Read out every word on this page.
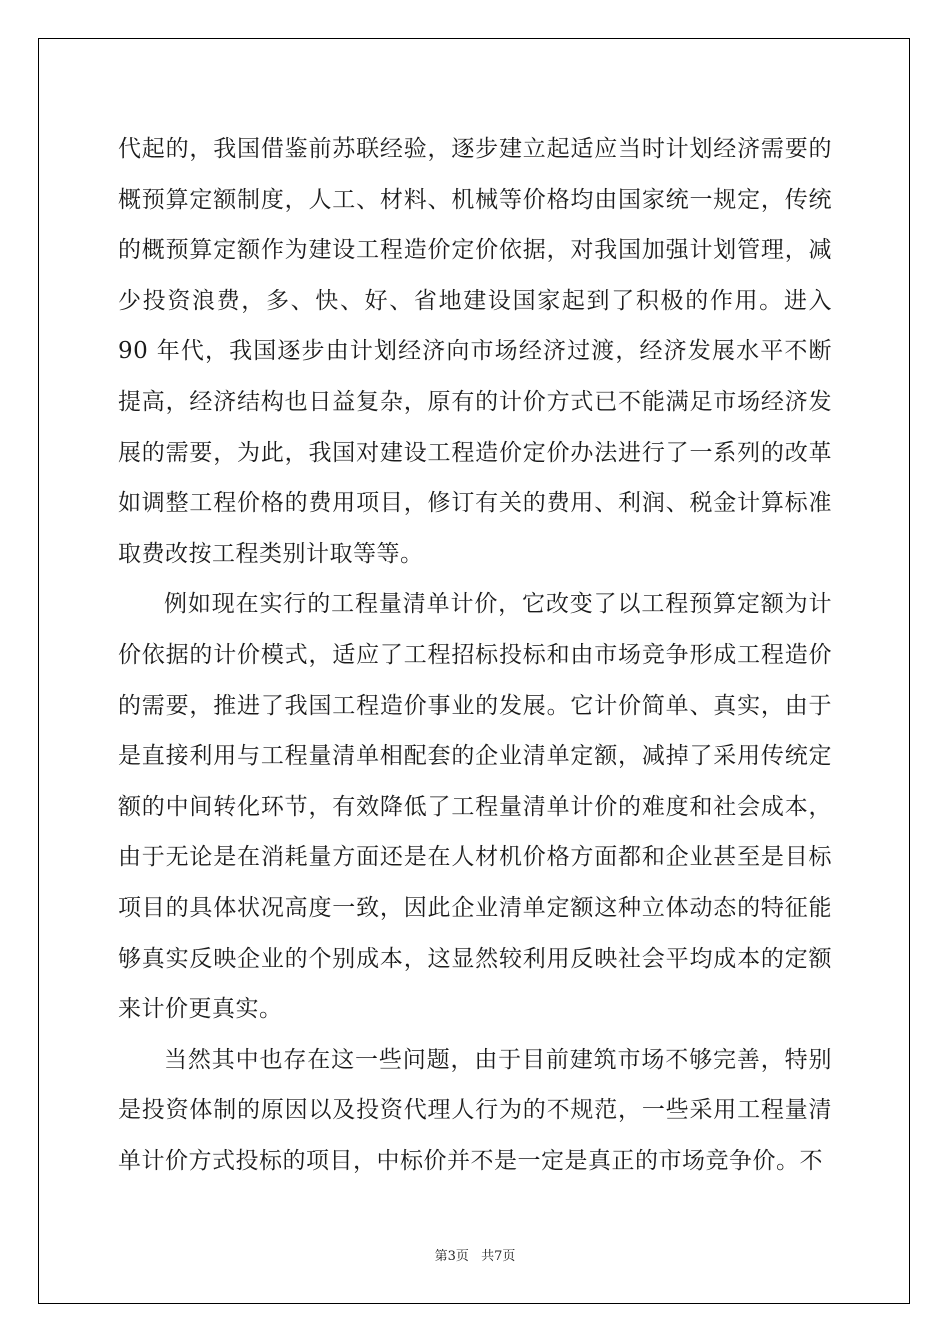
代起的，我国借鉴前苏联经验，逐步建立起适应当时计划经济需要的
概预算定额制度，人工、材料、机械等价格均由国家统一规定，传统
的概预算定额作为建设工程造价定价依据，对我国加强计划管理，减
少投资浪费，多、快、好、省地建设国家起到了积极的作用。进入
90 年代，我国逐步由计划经济向市场经济过渡，经济发展水平不断
提高，经济结构也日益复杂，原有的计价方式已不能满足市场经济发
展的需要，为此，我国对建设工程造价定价办法进行了一系列的改革
如调整工程价格的费用项目，修订有关的费用、利润、税金计算标准
取费改按工程类别计取等等。
例如现在实行的工程量清单计价，它改变了以工程预算定额为计
价依据的计价模式，适应了工程招标投标和由市场竞争形成工程造价
的需要，推进了我国工程造价事业的发展。它计价简单、真实，由于
是直接利用与工程量清单相配套的企业清单定额，减掉了采用传统定
额的中间转化环节，有效降低了工程量清单计价的难度和社会成本，
由于无论是在消耗量方面还是在人材机价格方面都和企业甚至是目标
项目的具体状况高度一致，因此企业清单定额这种立体动态的特征能
够真实反映企业的个别成本，这显然较利用反映社会平均成本的定额
来计价更真实。
当然其中也存在这一些问题，由于目前建筑市场不够完善，特别
是投资体制的原因以及投资代理人行为的不规范，一些采用工程量清
单计价方式投标的项目，中标价并不是一定是真正的市场竞争价。不
第3页 共7页
